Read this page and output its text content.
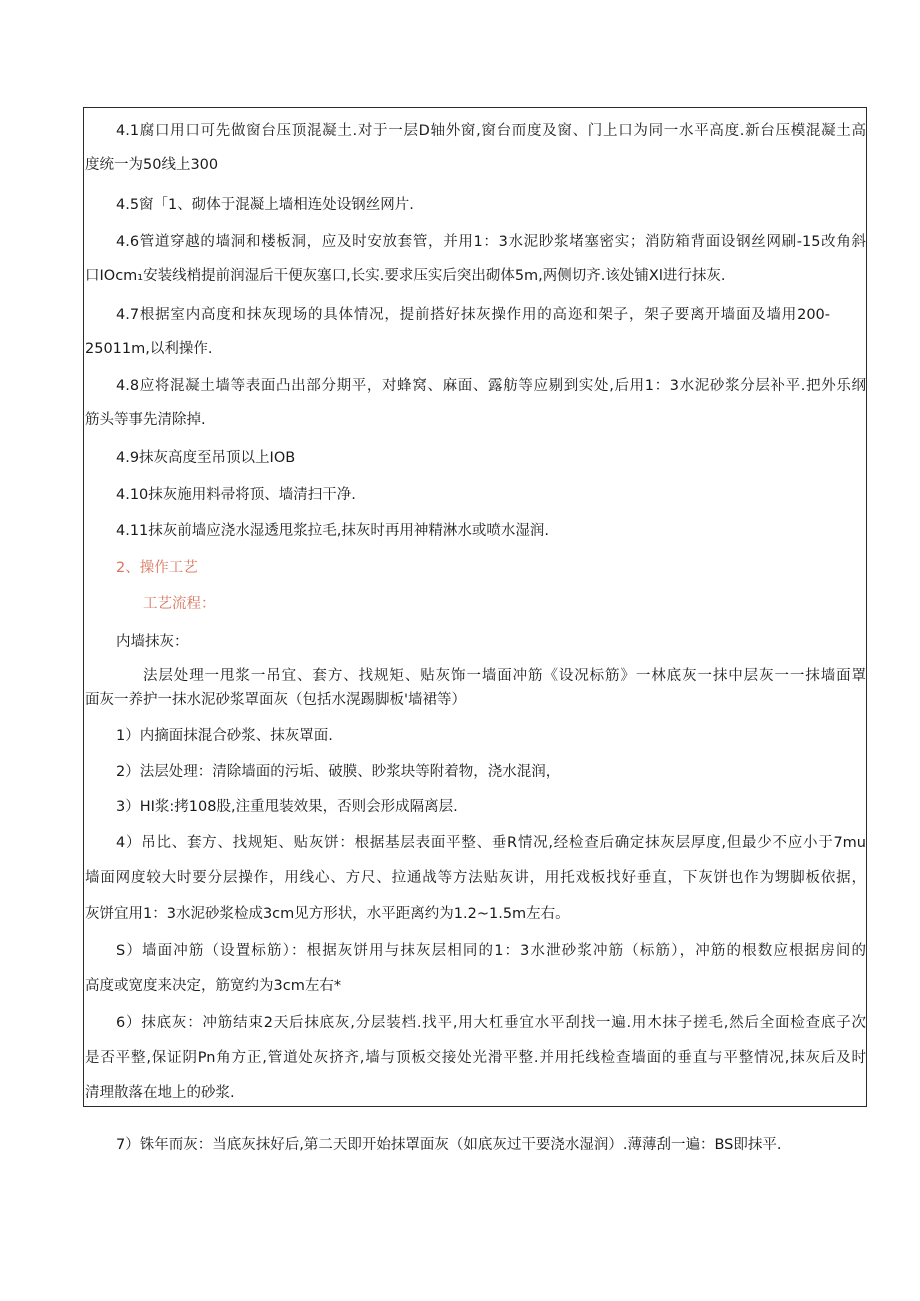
4.1腐口用口可先做窗台压顶混凝土.对于一层D轴外窗,窗台而度及窗、门上口为同一水平高度.新台压模混凝土高
度统一为50线上300
4.5窗「1、砌体于混凝上墙相连处设钢丝网片.
4.6管道穿越的墙洞和楼板洞，应及时安放套管，并用1：3水泥眇浆堵塞密实；消防箱背面设钢丝网刷-15改角斜
口IOcm₁安装线梢提前润湿后干便灰塞口,长实.要求压实后突出砌体5m,两侧切齐.该处铺Xl进行抹灰.
4.7根据室内高度和抹灰现场的具体情况，提前搭好抹灰操作用的高迩和架子，架子要离开墙面及墙用200-
25011m,以利操作.
4.8应将混凝土墙等表面凸出部分期平，对蜂窝、麻面、露舫等应剔到实处,后用1：3水泥砂浆分层补平.把外乐纲
筋头等事先清除掉.
4.9抹灰高度至吊顶以上IOB
4.10抹灰施用料帚将顶、墙清扫干净.
4.11抹灰前墙应浇水湿透甩浆拉毛,抹灰时再用神精淋水或喷水湿润.
2、操作工艺
工艺流程：
内墙抹灰：
法层处理一甩浆一吊宜、套方、找规矩、贴灰饰一墙面冲筋《设况标筋》一林底灰一抹中层灰一一抹墙面罩
面灰一养护一抹水泥砂浆罩面灰（包括水滉踢脚板'墙裙等）
1）内摘面抹混合砂浆、抹灰罩面.
2）法层处理：清除墙面的污垢、破膜、眇浆块等附着物，浇水混润，
3）HI浆:拷108股,注重甩装效果，否则会形成隔离层.
4）吊比、套方、找规矩、贴灰饼：根据基层表面平整、垂R情况,经检查后确定抹灰层厚度,但最少不应小于7mu
墙面网度较大时要分层操作，用线心、方尺、拉通战等方法贴灰讲，用托戏板找好垂直，下灰饼也作为甥脚板依据，
灰饼宜用1：3水泥砂浆检成3cm见方形状，水平距离约为1.2~1.5m左右。
S）墙面冲筋（设置标筋）：根据灰饼用与抹灰层相同的1：3水泄砂浆冲筋（标筋），冲筋的根数应根据房间的
高度或宽度来决定，筋宽约为3cm左右*
6）抹底灰：冲筋结束2天后抹底灰,分层装档.找平,用大杠垂宜水平刮找一遍.用木抹子搓毛,然后全面检查底子次
是否平整,保证阴Pn角方正,管道处灰挤齐,墙与顶板交接处光滑平整.并用托线检查墙面的垂直与平整情况,抹灰后及时
清理散落在地上的砂浆.
7）铢年而灰：当底灰抹好后,第二天即开始抹罩面灰（如底灰过干要浇水湿润）.薄薄刮一遍：BS即抹平.
